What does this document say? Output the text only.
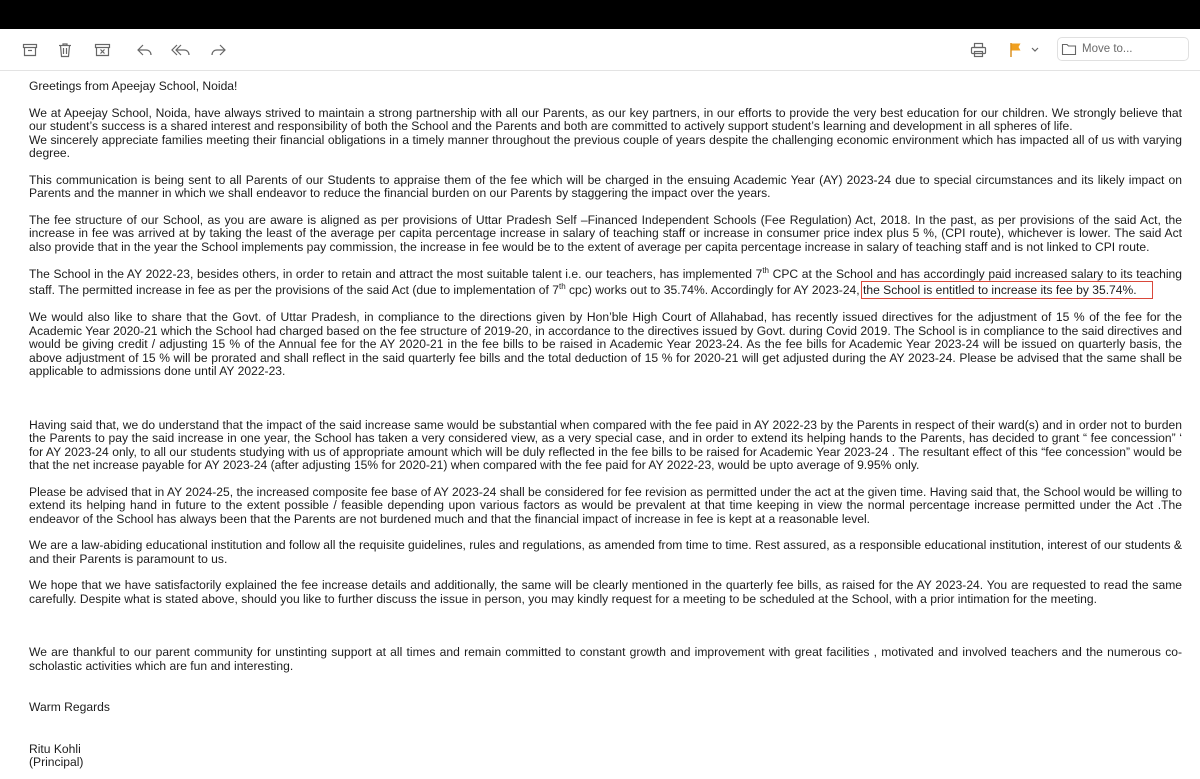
Move to...

Greetings from Apeejay School, Noida!

We at Apeejay School, Noida, have always strived to maintain a strong partnership with all our Parents, as our key partners, in our efforts to provide the very best education for our children. We strongly believe that our student’s success is a shared interest and responsibility of both the School and the Parents and both are committed to actively support student’s learning and development in all spheres of life.

We sincerely appreciate families meeting their financial obligations in a timely manner throughout the previous couple of years despite the challenging economic environment which has impacted all of us with varying degree.

This communication is being sent to all Parents of our Students to appraise them of the fee which will be charged in the ensuing Academic Year (AY) 2023-24 due to special circumstances and its likely impact on Parents and the manner in which we shall endeavor to reduce the financial burden on our Parents by staggering the impact over the years.

The fee structure of our School, as you are aware is aligned as per provisions of Uttar Pradesh Self –Financed Independent Schools (Fee Regulation) Act, 2018. In the past, as per provisions of the said Act, the increase in fee was arrived at by taking the least of the average per capita percentage increase in salary of teaching staff or increase in consumer price index plus 5 %, (CPI route), whichever is lower. The said Act also provide that in the year the School implements pay commission, the increase in fee would be to the extent of average per capita percentage increase in salary of teaching staff and is not linked to CPI route.

The School in the AY 2022-23, besides others, in order to retain and attract the most suitable talent i.e. our teachers, has implemented 7th CPC at the School and has accordingly paid increased salary to its teaching staff. The permitted increase in fee as per the provisions of the said Act (due to implementation of 7th cpc) works out to 35.74%. Accordingly for AY 2023-24, the School is entitled to increase its fee by 35.74%.

We would also like to share that the Govt. of Uttar Pradesh, in compliance to the directions given by Hon’ble High Court of Allahabad, has recently issued directives for the adjustment of 15 % of the fee for the Academic Year 2020-21 which the School had charged based on the fee structure of 2019-20, in accordance to the directives issued by Govt. during Covid 2019. The School is in compliance to the said directives and would be giving credit / adjusting 15 % of the Annual fee for the AY 2020-21 in the fee bills to be raised in Academic Year 2023-24. As the fee bills for Academic Year 2023-24 will be issued on quarterly basis, the above adjustment of 15 % will be prorated and shall reflect in the said quarterly fee bills and the total deduction of 15 % for 2020-21 will get adjusted during the AY 2023-24. Please be advised that the same shall be applicable to admissions done until AY 2022-23.

Having said that, we do understand that the impact of the said increase same would be substantial when compared with the fee paid in AY 2022-23 by the Parents in respect of their ward(s) and in order not to burden the Parents to pay the said increase in one year, the School has taken a very considered view, as a very special case, and in order to extend its helping hands to the Parents, has decided to grant “ fee concession” ‘ for AY 2023-24 only, to all our students studying with us of appropriate amount which will be duly reflected in the fee bills to be raised for Academic Year 2023-24 . The resultant effect of this “fee concession” would be that the net increase payable for AY 2023-24 (after adjusting 15% for 2020-21) when compared with the fee paid for AY 2022-23, would be upto average of 9.95% only.

Please be advised that in AY 2024-25, the increased composite fee base of AY 2023-24 shall be considered for fee revision as permitted under the act at the given time. Having said that, the School would be willing to extend its helping hand in future to the extent possible / feasible depending upon various factors as would be prevalent at that time keeping in view the normal percentage increase permitted under the Act .The endeavor of the School has always been that the Parents are not burdened much and that the financial impact of increase in fee is kept at a reasonable level.

We are a law-abiding educational institution and follow all the requisite guidelines, rules and regulations, as amended from time to time. Rest assured, as a responsible educational institution, interest of our students & and their Parents is paramount to us.

We hope that we have satisfactorily explained the fee increase details and additionally, the same will be clearly mentioned in the quarterly fee bills, as raised for the AY 2023-24. You are requested to read the same carefully. Despite what is stated above, should you like to further discuss the issue in person, you may kindly request for a meeting to be scheduled at the School, with a prior intimation for the meeting.

We are thankful to our parent community for unstinting support at all times and remain committed to constant growth and improvement with great facilities , motivated and involved teachers and the numerous co-scholastic activities which are fun and interesting.

Warm Regards

Ritu Kohli

(Principal)
